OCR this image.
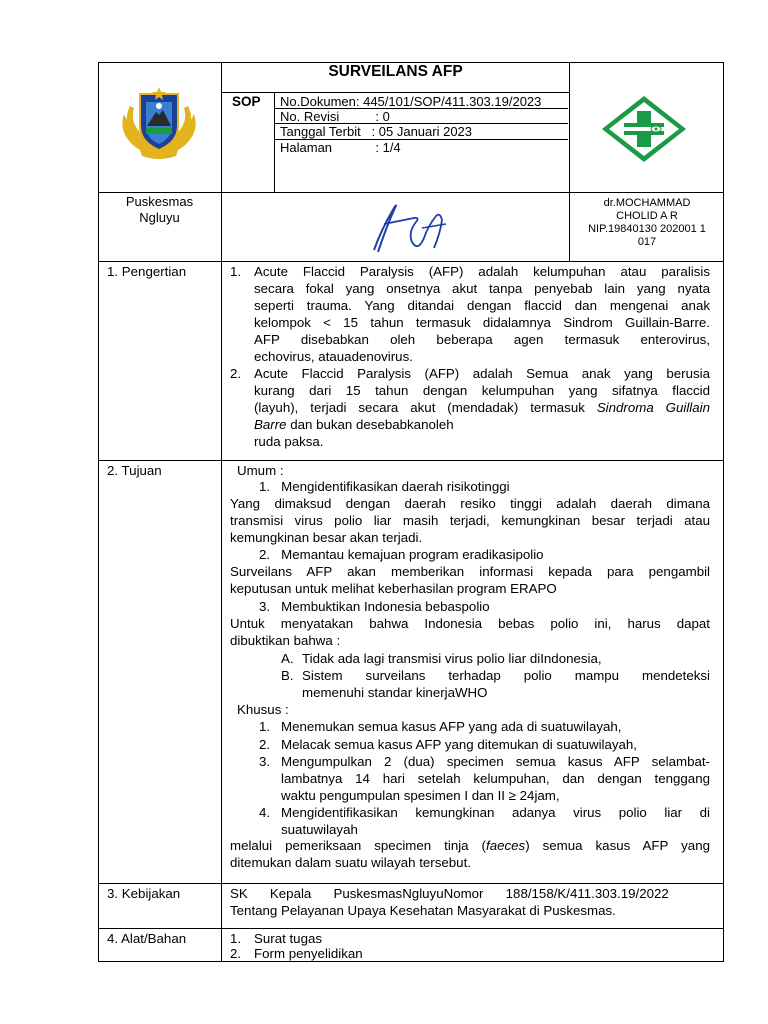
SURVEILANS AFP
SOP No.Dokumen: 445/101/SOP/411.303.19/2023
No. Revisi          : 0
Tanggal Terbit   : 05 Januari 2023
Halaman            : 1/4
Puskesmas
Ngluyu
dr.MOCHAMMAD
CHOLID A R
NIP.19840130 202001 1
017
1. Pengertian	1. Acute Flaccid Paralysis (AFP) adalah kelumpuhan atau paralisis
secara fokal yang onsetnya akut tanpa penyebab lain yang nyata
seperti trauma. Yang ditandai dengan flaccid dan mengenai anak
kelompok < 15 tahun termasuk didalamnya Sindrom Guillain-Barre.
AFP disebabkan oleh beberapa agen termasuk enterovirus,
echovirus, atauadenovirus.
2. Acute Flaccid Paralysis (AFP) adalah Semua anak yang berusia
kurang dari 15 tahun dengan kelumpuhan yang sifatnya flaccid
(layuh), terjadi secara akut (mendadak) termasuk Sindroma Guillain
Barre dan bukan desebabkanoleh
ruda paksa.
2. Tujuan	Umum :
1.   Mengidentifikasikan daerah risikotinggi
Yang dimaksud dengan daerah resiko tinggi adalah daerah dimana
transmisi virus polio liar masih terjadi, kemungkinan besar terjadi atau
kemungkinan besar akan terjadi.
2.   Memantau kemajuan program eradikasipolio
Surveilans AFP akan memberikan informasi kepada para pengambil
keputusan untuk melihat keberhasilan program ERAPO
3.   Membuktikan Indonesia bebaspolio
Untuk menyatakan bahwa Indonesia bebas polio ini, harus dapat
dibuktikan bahwa :
A. Tidak ada lagi transmisi virus polio liar diIndonesia,
B. Sistem surveilans terhadap polio mampu mendeteksi
memenuhi standar kinerjaWHO
Khusus :
1. Menemukan semua kasus AFP yang ada di suatuwilayah,
2. Melacak semua kasus AFP yang ditemukan di suatuwilayah,
3. Mengumpulkan 2 (dua) specimen semua kasus AFP selambat-
lambatnya 14 hari setelah kelumpuhan, dan dengan tenggang
waktu pengumpulan spesimen I dan II ≥ 24jam,
4. Mengidentifikasikan kemungkinan adanya virus polio liar di
suatuwilayah
melalui pemeriksaan specimen tinja (faeces) semua kasus AFP yang
ditemukan dalam suatu wilayah tersebut.
3. Kebijakan	SK      Kepala      PuskesmasNgluyuNomor      188/158/K/411.303.19/2022
Tentang Pelayanan Upaya Kesehatan Masyarakat di Puskesmas.
4. Alat/Bahan	1. Surat tugas
2. Form penyelidikan
